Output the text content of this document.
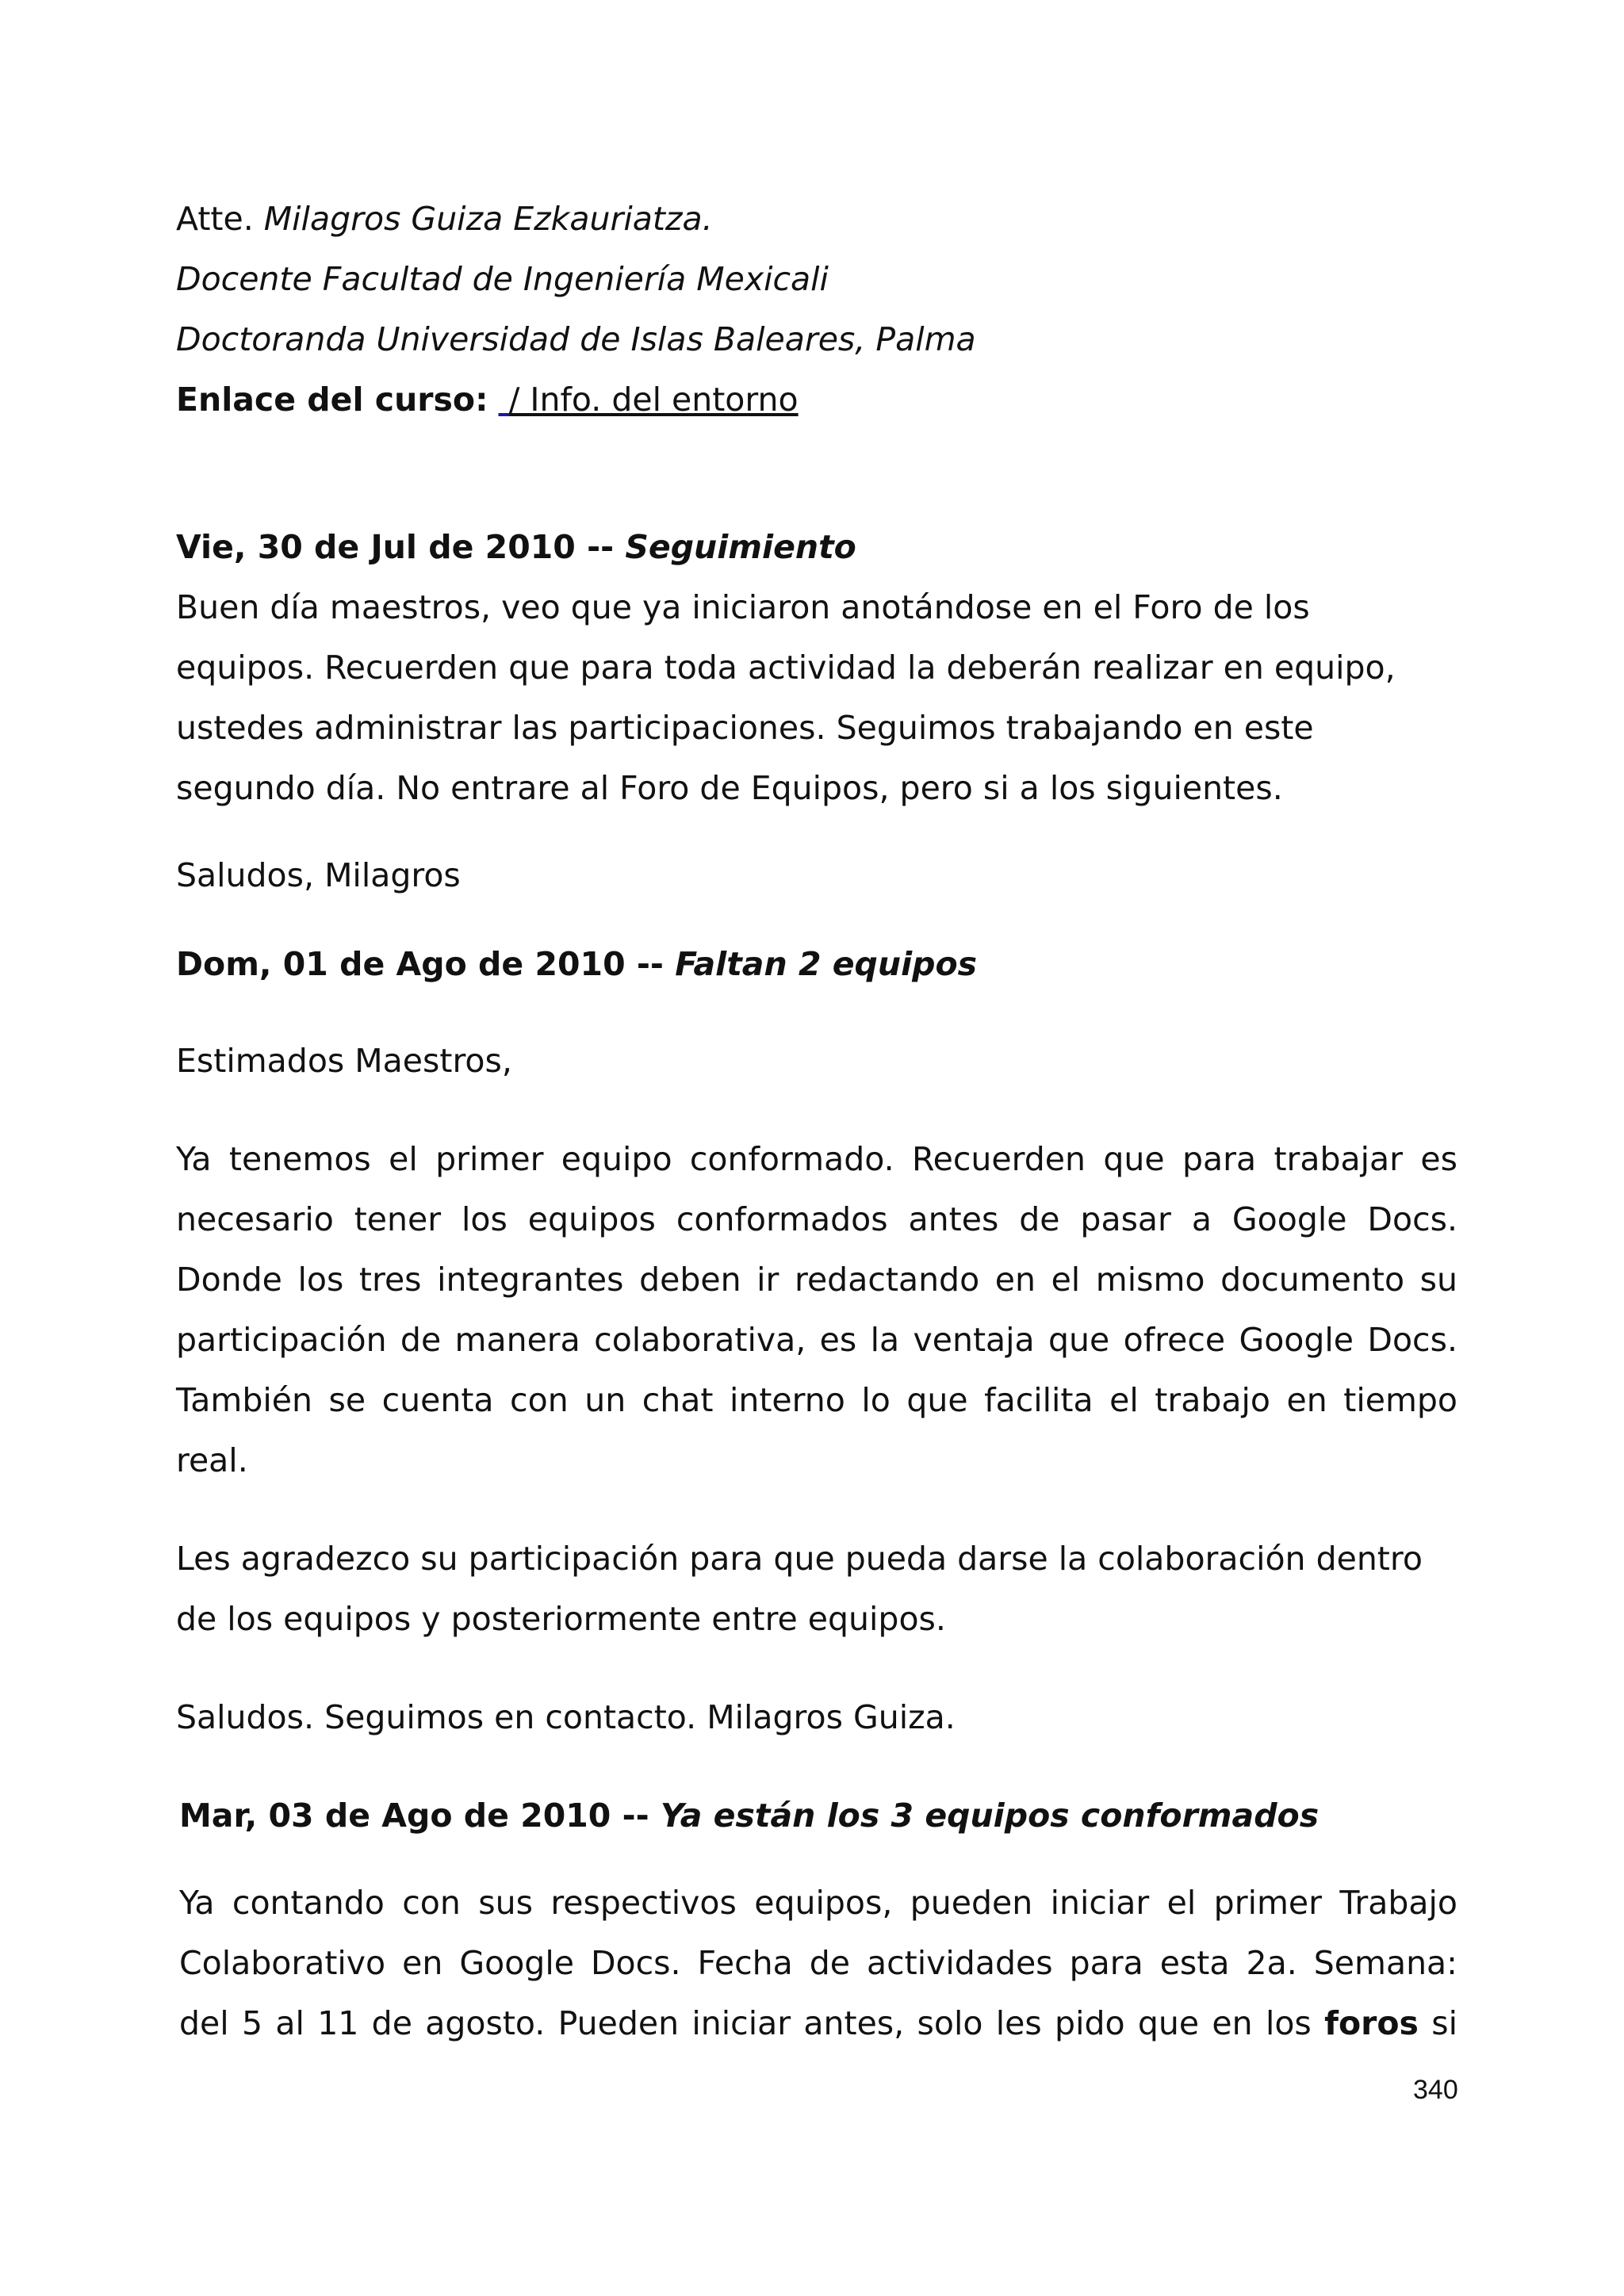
Atte. Milagros Guiza Ezkauriatza.
Docente Facultad de Ingeniería Mexicali
Doctoranda Universidad de Islas Baleares, Palma
Enlace del curso: / Info. del entorno
Vie, 30 de Jul de 2010 -- Seguimiento
Buen día maestros, veo que ya iniciaron anotándose en el Foro de los
equipos. Recuerden que para toda actividad la deberán realizar en equipo,
ustedes administrar las participaciones. Seguimos trabajando en este
segundo día. No entrare al Foro de Equipos, pero si a los siguientes.
Saludos, Milagros
Dom, 01 de Ago de 2010 -- Faltan 2 equipos
Estimados Maestros,
Ya tenemos el primer equipo conformado. Recuerden que para trabajar es
necesario tener los equipos conformados antes de pasar a Google Docs.
Donde los tres integrantes deben ir redactando en el mismo documento su
participación de manera colaborativa, es la ventaja que ofrece Google Docs.
También se cuenta con un chat interno lo que facilita el trabajo en tiempo
real.
Les agradezco su participación para que pueda darse la colaboración dentro
de los equipos y posteriormente entre equipos.
Saludos. Seguimos en contacto. Milagros Guiza.
Mar, 03 de Ago de 2010 -- Ya están los 3 equipos conformados
Ya contando con sus respectivos equipos, pueden iniciar el primer Trabajo
Colaborativo en Google Docs. Fecha de actividades para esta 2a. Semana:
del 5 al 11 de agosto. Pueden iniciar antes, solo les pido que en los foros si
340
